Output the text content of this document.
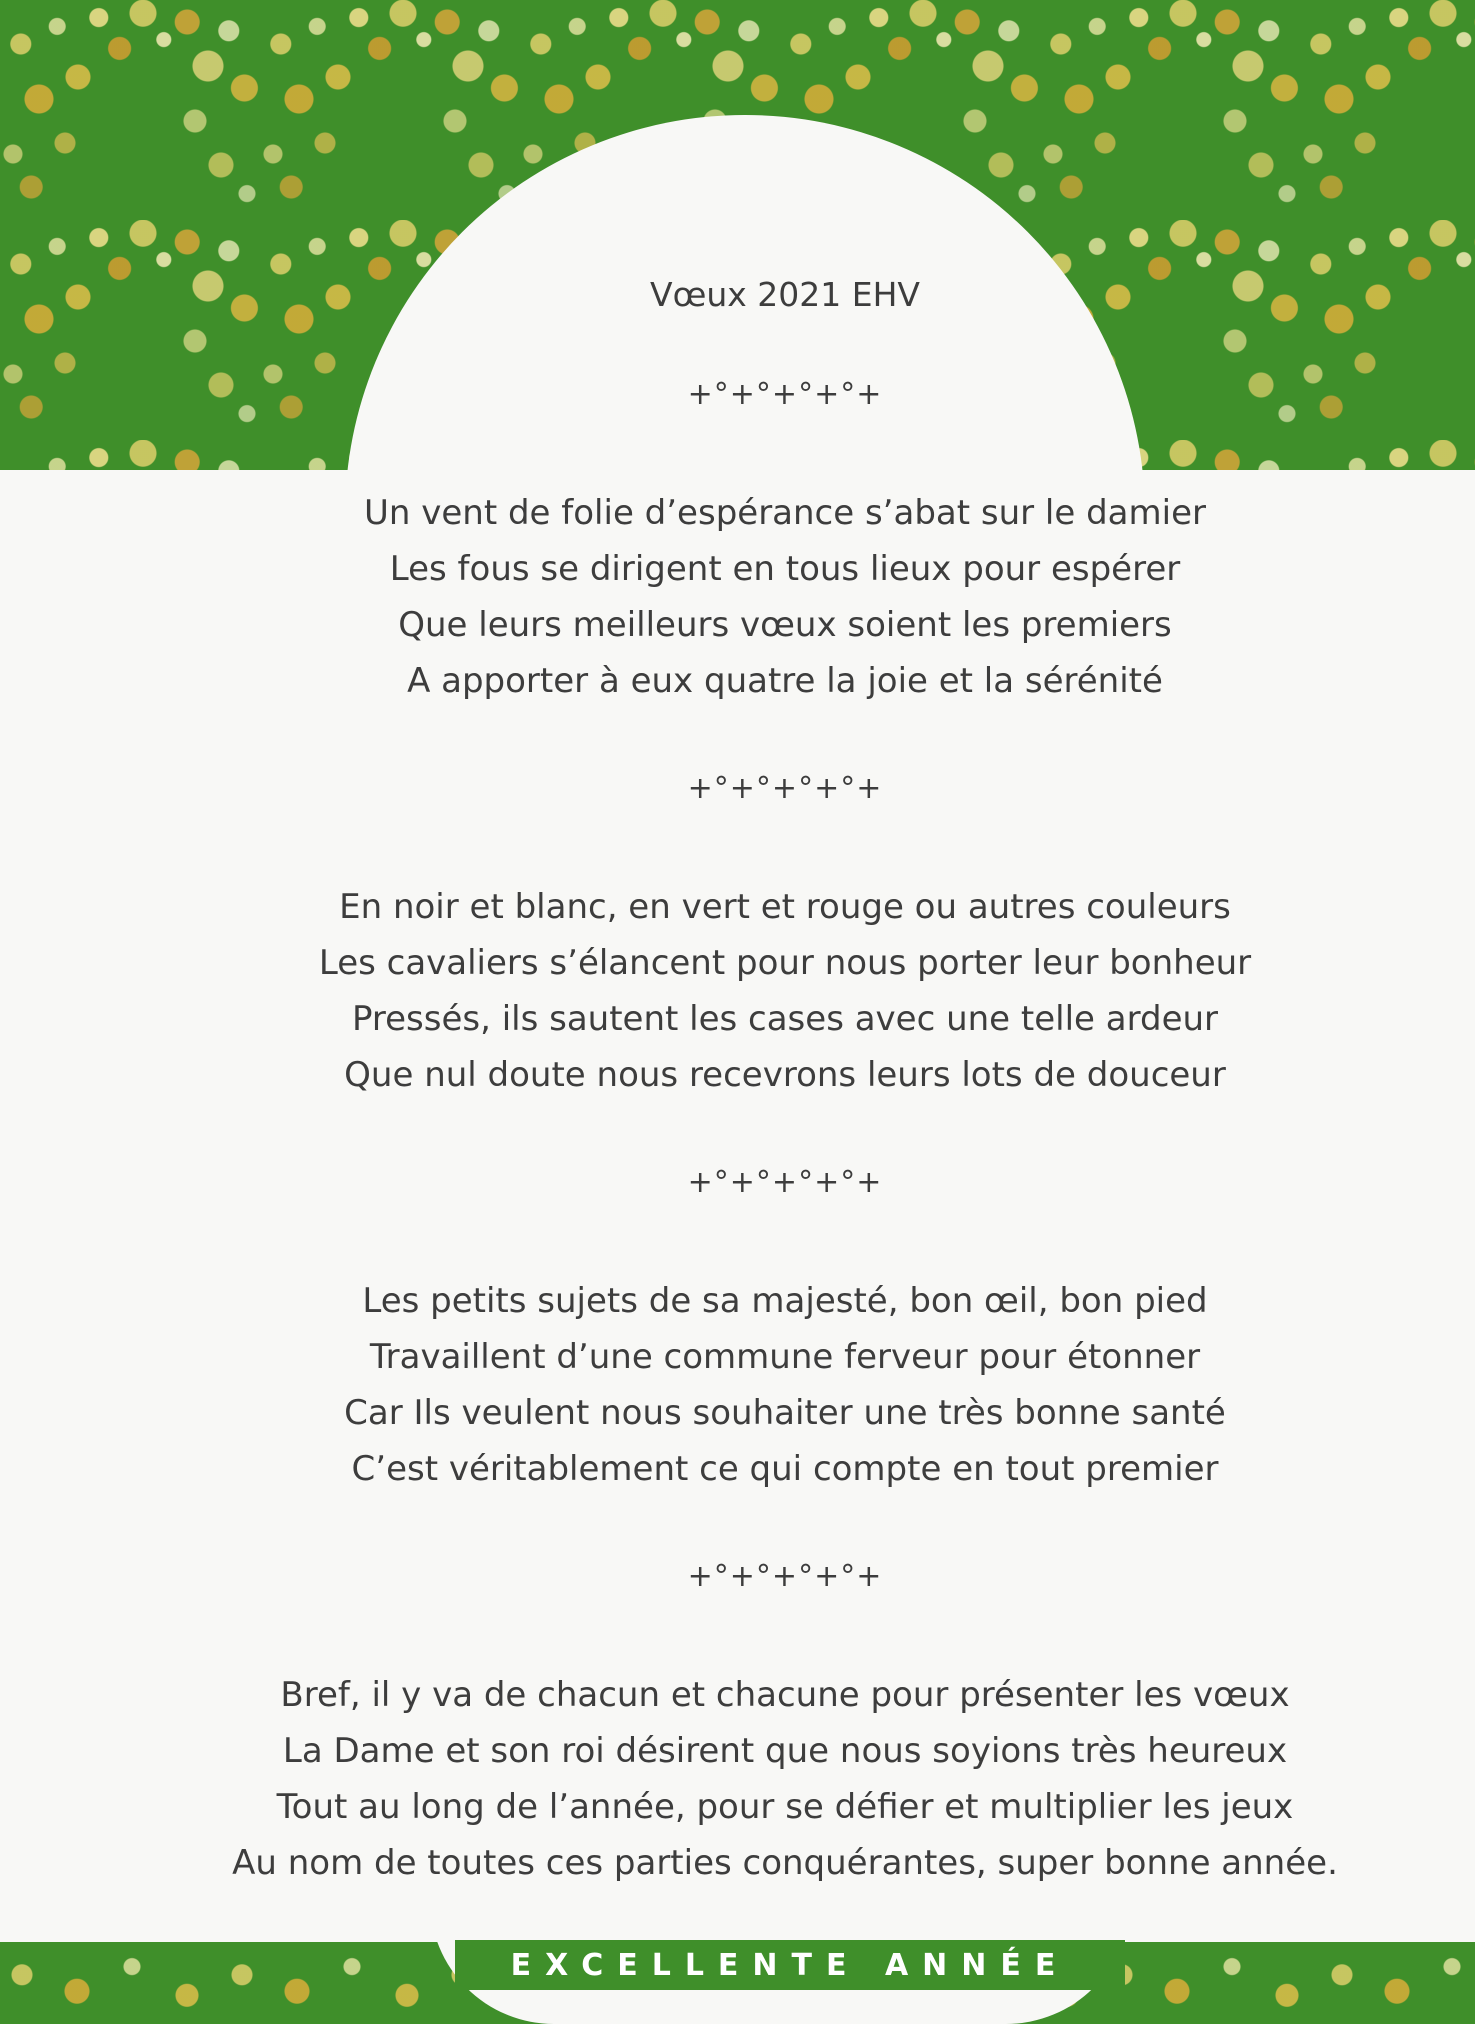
Vœux 2021 EHV
+°+°+°+°+
Un vent de folie d’espérance s’abat sur le damier
Les fous se dirigent en tous lieux pour espérer
Que leurs meilleurs vœux soient les premiers
A apporter à eux quatre la joie et la sérénité
+°+°+°+°+
En noir et blanc, en vert et rouge ou autres couleurs
Les cavaliers s’élancent pour nous porter leur bonheur
Pressés, ils sautent les cases avec une telle ardeur
Que nul doute nous recevrons leurs lots de douceur
+°+°+°+°+
Les petits sujets de sa majesté, bon œil, bon pied
Travaillent d’une commune ferveur pour étonner
Car Ils veulent nous souhaiter une très bonne santé
C’est véritablement ce qui compte en tout premier
+°+°+°+°+
Bref, il y va de chacun et chacune pour présenter les vœux
La Dame et son roi désirent que nous soyions très heureux
Tout au long de l’année, pour se défier et multiplier les jeux
Au nom de toutes ces parties conquérantes, super bonne année.
EXCELLENTE ANNÉE
